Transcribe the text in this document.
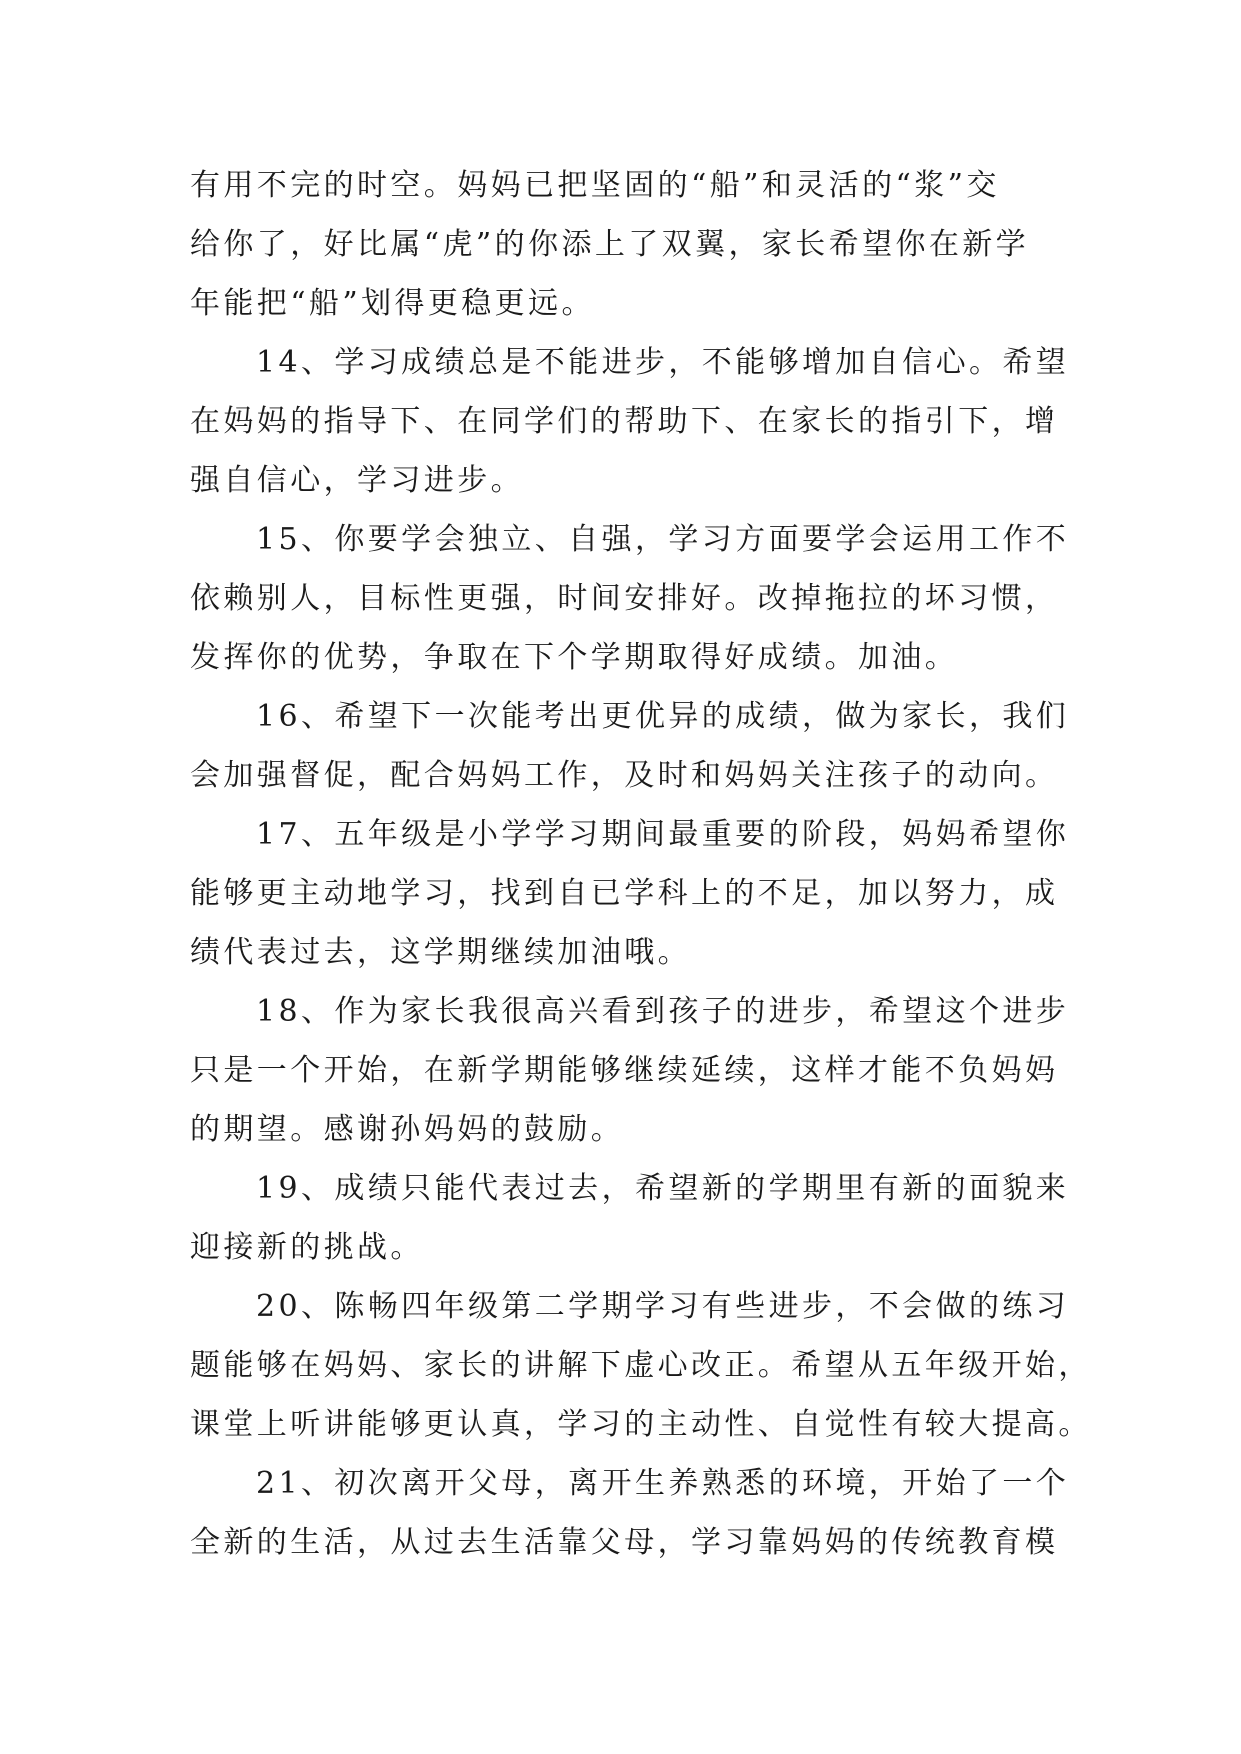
有用不完的时空。妈妈已把坚固的“船”和灵活的“浆”交
给你了，好比属“虎”的你添上了双翼，家长希望你在新学
年能把“船”划得更稳更远。

14、学习成绩总是不能进步，不能够增加自信心。希望
在妈妈的指导下、在同学们的帮助下、在家长的指引下，增
强自信心，学习进步。

15、你要学会独立、自强，学习方面要学会运用工作不
依赖别人，目标性更强，时间安排好。改掉拖拉的坏习惯，
发挥你的优势，争取在下个学期取得好成绩。加油。

16、希望下一次能考出更优异的成绩，做为家长，我们
会加强督促，配合妈妈工作，及时和妈妈关注孩子的动向。

17、五年级是小学学习期间最重要的阶段，妈妈希望你
能够更主动地学习，找到自已学科上的不足，加以努力，成
绩代表过去，这学期继续加油哦。

18、作为家长我很高兴看到孩子的进步，希望这个进步
只是一个开始，在新学期能够继续延续，这样才能不负妈妈
的期望。感谢孙妈妈的鼓励。

19、成绩只能代表过去，希望新的学期里有新的面貌来
迎接新的挑战。

20、陈畅四年级第二学期学习有些进步，不会做的练习
题能够在妈妈、家长的讲解下虚心改正。希望从五年级开始，
课堂上听讲能够更认真，学习的主动性、自觉性有较大提高。

21、初次离开父母，离开生养熟悉的环境，开始了一个
全新的生活，从过去生活靠父母，学习靠妈妈的传统教育模
